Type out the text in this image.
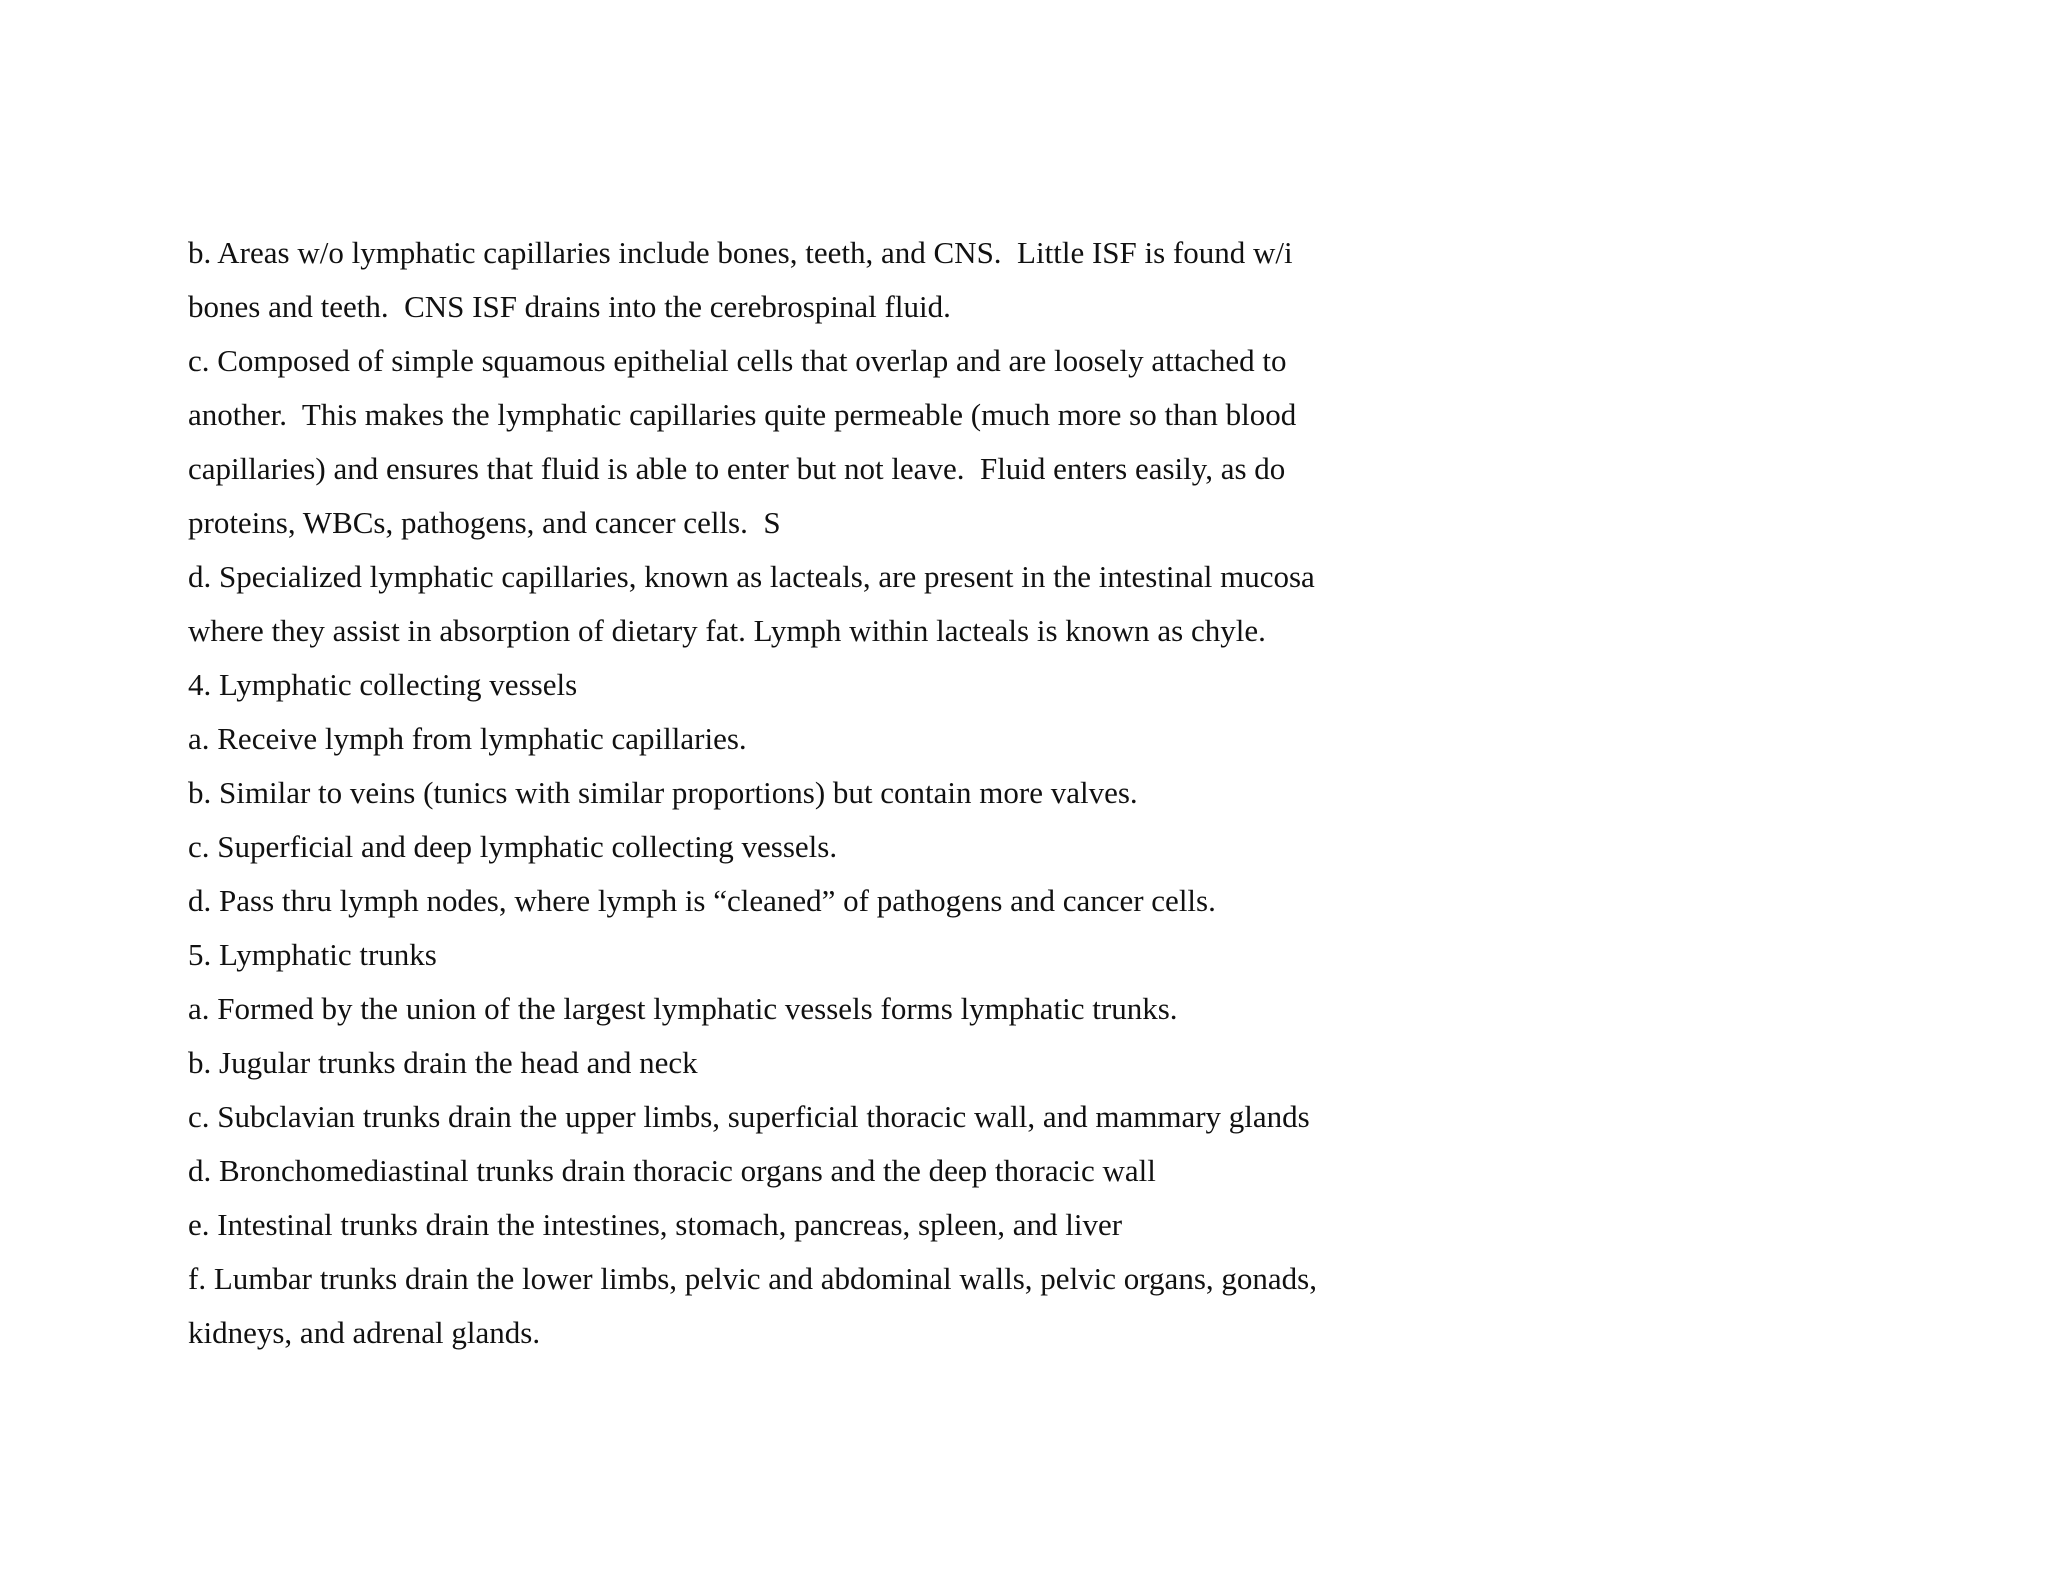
b. Areas w/o lymphatic capillaries include bones, teeth, and CNS.  Little ISF is found w/i
bones and teeth.  CNS ISF drains into the cerebrospinal fluid.
c. Composed of simple squamous epithelial cells that overlap and are loosely attached to
another.  This makes the lymphatic capillaries quite permeable (much more so than blood
capillaries) and ensures that fluid is able to enter but not leave.  Fluid enters easily, as do
proteins, WBCs, pathogens, and cancer cells.  S
d. Specialized lymphatic capillaries, known as lacteals, are present in the intestinal mucosa
where they assist in absorption of dietary fat. Lymph within lacteals is known as chyle.
4. Lymphatic collecting vessels
a. Receive lymph from lymphatic capillaries.
b. Similar to veins (tunics with similar proportions) but contain more valves.
c. Superficial and deep lymphatic collecting vessels.
d. Pass thru lymph nodes, where lymph is “cleaned” of pathogens and cancer cells.
5. Lymphatic trunks
a. Formed by the union of the largest lymphatic vessels forms lymphatic trunks.
b. Jugular trunks drain the head and neck
c. Subclavian trunks drain the upper limbs, superficial thoracic wall, and mammary glands
d. Bronchomediastinal trunks drain thoracic organs and the deep thoracic wall
e. Intestinal trunks drain the intestines, stomach, pancreas, spleen, and liver
f. Lumbar trunks drain the lower limbs, pelvic and abdominal walls, pelvic organs, gonads,
kidneys, and adrenal glands.
